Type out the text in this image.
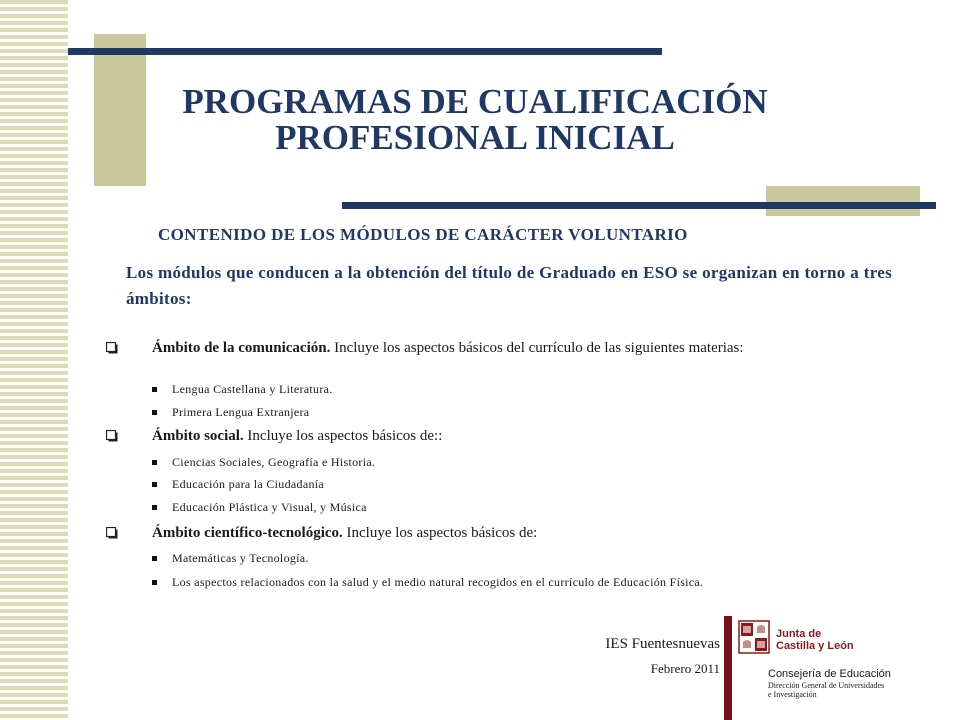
PROGRAMAS DE CUALIFICACIÓN
PROFESIONAL INICIAL
CONTENIDO DE LOS MÓDULOS DE CARÁCTER VOLUNTARIO
Los módulos que conducen a la obtención del título de Graduado en ESO se organizan en torno a tres ámbitos:
Ámbito de la comunicación. Incluye los aspectos básicos del currículo de las siguientes materias:
Lengua Castellana y Literatura.
Primera Lengua Extranjera
Ámbito social. Incluye los aspectos básicos de::
Ciencias Sociales, Geografía e Historia.
Educación para la Ciudadanía
Educación Plástica y Visual, y Música
Ámbito científico-tecnológico. Incluye los aspectos básicos de:
Matemáticas y Tecnología.
Los aspectos relacionados con la salud y el medio natural recogidos en el currículo de Educación Física.
IES Fuentesnuevas
Febrero 2011
Junta de
Castilla y León
Consejería de Educación
Dirección General de Universidades
e Investigación
